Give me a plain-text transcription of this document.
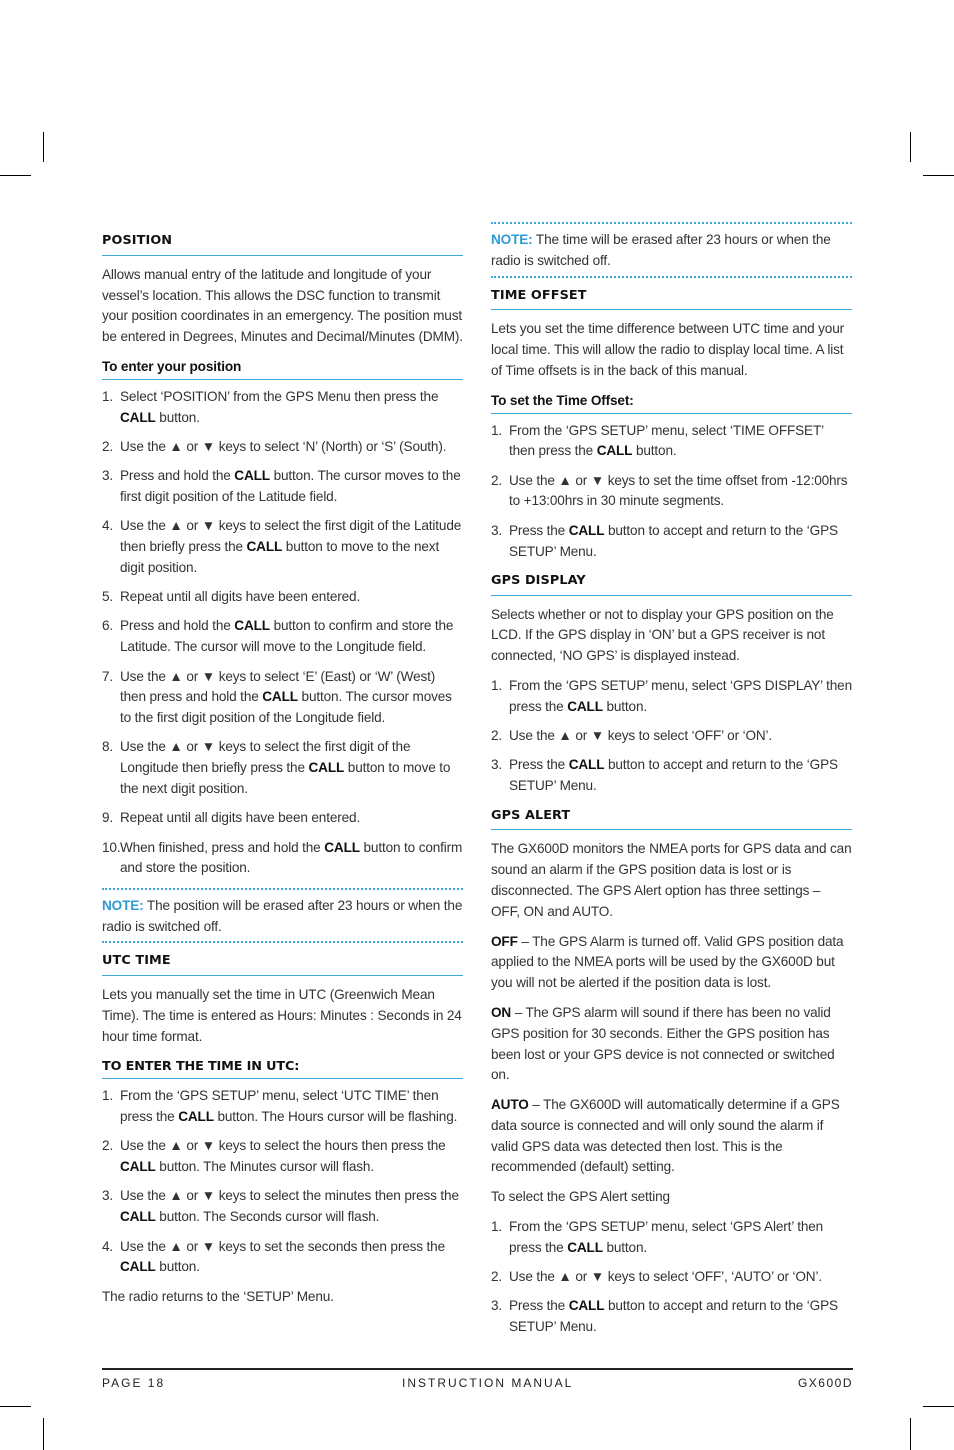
POSITION

Allows manual entry of the latitude and longitude of your vessel’s location. This allows the DSC function to transmit your position coordinates in an emergency. The position must be entered in Degrees, Minutes and Decimal/Minutes (DMM).

To enter your position
1. Select ‘POSITION’ from the GPS Menu then press the CALL button.
2. Use the ▲ or ▼ keys to select ‘N’ (North) or ‘S’ (South).
3. Press and hold the CALL button. The cursor moves to the first digit position of the Latitude field.
4. Use the ▲ or ▼ keys to select the first digit of the Latitude then briefly press the CALL button to move to the next digit position.
5. Repeat until all digits have been entered.
6. Press and hold the CALL button to confirm and store the Latitude. The cursor will move to the Longitude field.
7. Use the ▲ or ▼ keys to select ‘E’ (East) or ‘W’ (West) then press and hold the CALL button. The cursor moves to the first digit position of the Longitude field.
8. Use the ▲ or ▼ keys to select the first digit of the Longitude then briefly press the CALL button to move to the next digit position.
9. Repeat until all digits have been entered.
10. When finished, press and hold the CALL button to confirm and store the position.
NOTE: The position will be erased after 23 hours or when the radio is switched off.
UTC TIME

Lets you manually set the time in UTC (Greenwich Mean Time). The time is entered as Hours: Minutes : Seconds in 24 hour time format.

TO ENTER THE TIME IN UTC:
1. From the ‘GPS SETUP’ menu, select ‘UTC TIME’ then press the CALL button. The Hours cursor will be flashing.
2. Use the ▲ or ▼ keys to select the hours then press the CALL button. The Minutes cursor will flash.
3. Use the ▲ or ▼ keys to select the minutes then press the CALL button. The Seconds cursor will flash.
4. Use the ▲ or ▼ keys to set the seconds then press the CALL button.

The radio returns to the ‘SETUP’ Menu.

NOTE: The time will be erased after 23 hours or when the radio is switched off.
TIME OFFSET

Lets you set the time difference between UTC time and your local time. This will allow the radio to display local time. A list of Time offsets is in the back of this manual.

To set the Time Offset:
1. From the ‘GPS SETUP’ menu, select ‘TIME OFFSET’ then press the CALL button.
2. Use the ▲ or ▼ keys to set the time offset from -12:00hrs to +13:00hrs in 30 minute segments.
3. Press the CALL button to accept and return to the ‘GPS SETUP’ Menu.
GPS DISPLAY

Selects whether or not to display your GPS position on the LCD. If the GPS display in ‘ON’ but a GPS receiver is not connected, ‘NO GPS’ is displayed instead.

1. From the ‘GPS SETUP’ menu, select ‘GPS DISPLAY’ then press the CALL button.
2. Use the ▲ or ▼ keys to select ‘OFF’ or ‘ON’.
3. Press the CALL button to accept and return to the ‘GPS SETUP’ Menu.
GPS ALERT

The GX600D monitors the NMEA ports for GPS data and can sound an alarm if the GPS position data is lost or is disconnected. The GPS Alert option has three settings – OFF, ON and AUTO.

OFF – The GPS Alarm is turned off. Valid GPS position data applied to the NMEA ports will be used by the GX600D but you will not be alerted if the position data is lost.

ON – The GPS alarm will sound if there has been no valid GPS position for 30 seconds. Either the GPS position has been lost or your GPS device is not connected or switched on.

AUTO – The GX600D will automatically determine if a GPS data source is connected and will only sound the alarm if valid GPS data was detected then lost. This is the recommended (default) setting.

To select the GPS Alert setting

1. From the ‘GPS SETUP’ menu, select ‘GPS Alert’ then press the CALL button.
2. Use the ▲ or ▼ keys to select ‘OFF’, ‘AUTO’ or ‘ON’.
3. Press the CALL button to accept and return to the ‘GPS SETUP’ Menu.
PAGE 18	INSTRUCTION MANUAL	GX600D
